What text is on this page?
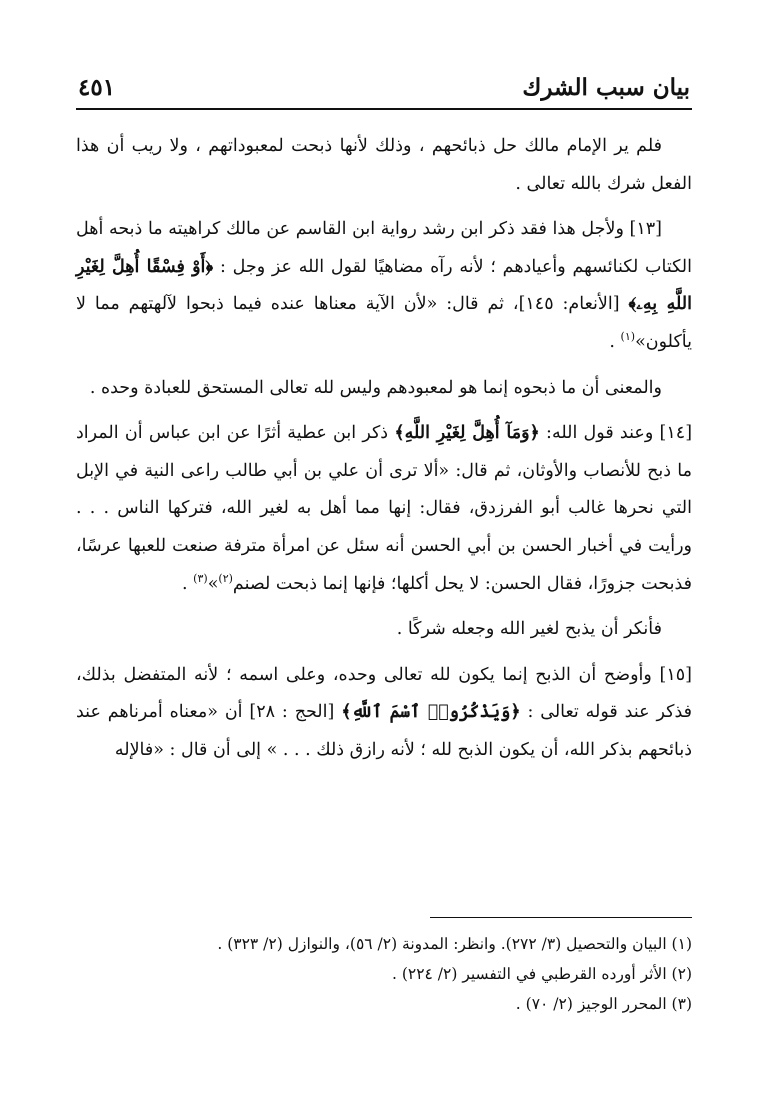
بيان سبب الشرك
٤٥١

فلم ير الإمام مالك حل ذبائحهم ، وذلك لأنها ذبحت لمعبوداتهم ، ولا ريب أن هذا الفعل شرك بالله تعالى .

[١٣] ولأجل هذا فقد ذكر ابن رشد رواية ابن القاسم عن مالك كراهيته ما ذبحه أهل الكتاب لكنائسهم وأعيادهم ؛ لأنه رآه مضاهيًا لقول الله عز وجل : ﴿أَوْ فِسْقًا أُهِلَّ لِغَيْرِ اللَّهِ بِهِۦ﴾ [الأنعام: ١٤٥]، ثم قال: «لأن الآية معناها عنده فيما ذبحوا لآلهتهم مما لا يأكلون»$^{(١)}$ .

والمعنى أن ما ذبحوه إنما هو لمعبودهم وليس لله تعالى المستحق للعبادة وحده .

[١٤] وعند قول الله: ﴿وَمَآ أُهِلَّ لِغَيْرِ اللَّهِ﴾ ذكر ابن عطية أثرًا عن ابن عباس أن المراد ما ذبح للأنصاب والأوثان، ثم قال: «ألا ترى أن علي بن أبي طالب راعى النية في الإبل التي نحرها غالب أبو الفرزدق، فقال: إنها مما أهل به لغير الله، فتركها الناس . . . ورأيت في أخبار الحسن بن أبي الحسن أنه سئل عن امرأة مترفة صنعت للعبها عرسًا، فذبحت جزورًا، فقال الحسن: لا يحل أكلها؛ فإنها إنما ذبحت لصنم$^{(٢)}$»$^{(٣)}$ .

فأنكر أن يذبح لغير الله وجعله شركًا .

[١٥] وأوضح أن الذبح إنما يكون لله تعالى وحده، وعلى اسمه ؛ لأنه المتفضل بذلك، فذكر عند قوله تعالى : ﴿وَيَذْكُرُوا۟ ٱسْمَ ٱللَّهِ﴾ [الحج : ٢٨] أن «معناه أمرناهم عند ذبائحهم بذكر الله، أن يكون الذبح لله ؛ لأنه رازق ذلك . . . » إلى أن قال : «فالإله

(١) البيان والتحصيل (٣/ ٢٧٢). وانظر: المدونة (٢/ ٥٦)، والنوازل (٢/ ٣٢٣) .

(٢) الأثر أورده القرطبي في التفسير (٢/ ٢٢٤) .

(٣) المحرر الوجيز (٢/ ٧٠) .
